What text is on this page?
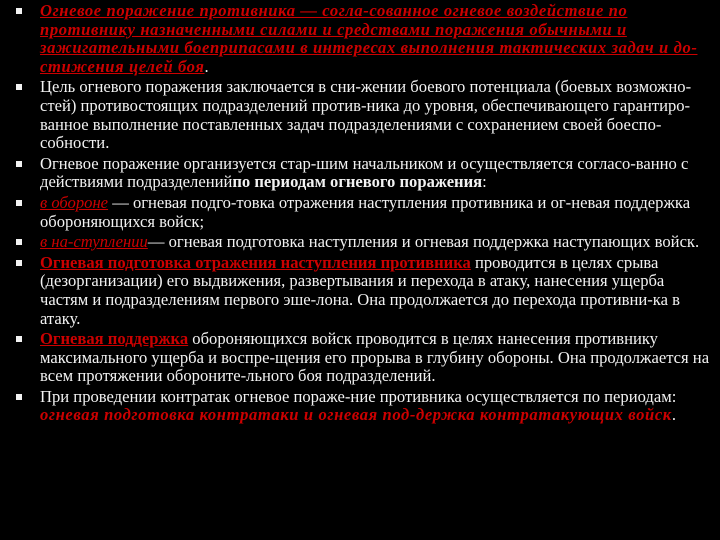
Огневое поражение противника — согла-сованное огневое воздействие по противнику назначенными силами и средствами поражения обычными и зажигательными боеприпасами в интересах выполнения тактических задач и до-стижения целей боя.
Цель огневого поражения заключается в сни-жении боевого потенциала (боевых возможно-стей) противостоящих подразделений против-ника до уровня, обеспечивающего гарантиро-ванное выполнение поставленных задач подразделениями с сохранением своей боеспо-собности.
Огневое поражение организуется стар-шим начальником и осуществляется согласо-ванно с действиями подразделенийпо периодам огневого поражения:
в обороне — огневая подго-товка отражения наступления противника и ог-невая поддержка обороняющихся войск;
в на-ступлении— огневая подготовка наступления и огневая поддержка наступающих войск.
Огневая подготовка отражения наступления противника проводится в целях срыва (дезорганизации) его выдвижения, развертывания и перехода в атаку, нанесения ущерба частям и подразделениям первого эше-лона. Она продолжается до перехода противни-ка в атаку.
Огневая поддержка обороняющихся войск проводится в целях нанесения противнику максимального ущерба и воспре-щения его прорыва в глубину обороны. Она продолжается на всем протяжении обороните-льного боя подразделений.
При проведении контратак огневое пораже-ние противника осуществляется по периодам: огневая подготовка контратаки и огневая под-держка контратакующих войск.
